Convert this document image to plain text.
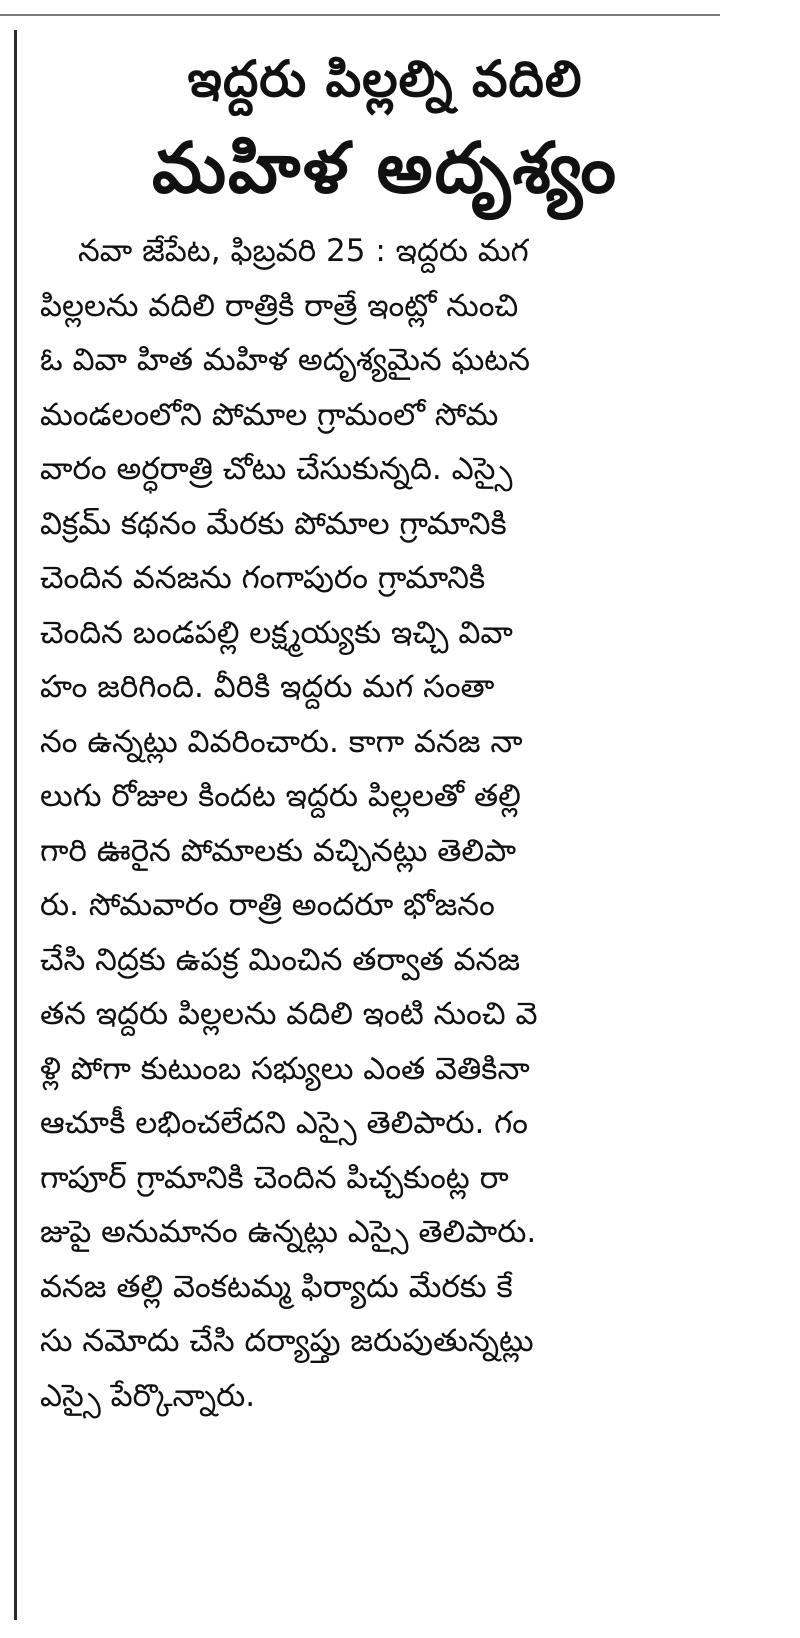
ఇద్దరు పిల్లల్ని వదిలి
మహిళ అదృశ్యం
నవా జేపేట, ఫిబ్రవరి 25 : ఇద్దరు మగ
పిల్లలను వదిలి రాత్రికి రాత్రే ఇంట్లో నుంచి
ఓ వివా హిత మహిళ అదృశ్యమైన ఘటన
మండలంలోని పోమాల గ్రామంలో సోమ
వారం అర్ధరాత్రి చోటు చేసుకున్నది. ఎస్సై
విక్రమ్ కథనం మేరకు పోమాల గ్రామానికి
చెందిన వనజను గంగాపురం గ్రామానికి
చెందిన బండపల్లి లక్ష్మయ్యకు ఇచ్చి వివా
హం జరిగింది. వీరికి ఇద్దరు మగ సంతా
నం ఉన్నట్లు వివరించారు. కాగా వనజ నా
లుగు రోజుల కిందట ఇద్దరు పిల్లలతో తల్లి
గారి ఊరైన పోమాలకు వచ్చినట్లు తెలిపా
రు. సోమవారం రాత్రి అందరూ భోజనం
చేసి నిద్రకు ఉపక్ర మించిన తర్వాత వనజ
తన ఇద్దరు పిల్లలను వదిలి ఇంటి నుంచి వె
ళ్లి పోగా కుటుంబ సభ్యులు ఎంత వెతికినా
ఆచూకీ లభించలేదని ఎస్సై తెలిపారు. గం
గాపూర్ గ్రామానికి చెందిన పిచ్చకుంట్ల రా
జుపై అనుమానం ఉన్నట్లు ఎస్సై తెలిపారు.
వనజ తల్లి వెంకటమ్మ ఫిర్యాదు మేరకు కే
సు నమోదు చేసి దర్యాప్తు జరుపుతున్నట్లు
ఎస్సై పేర్కొన్నారు.
